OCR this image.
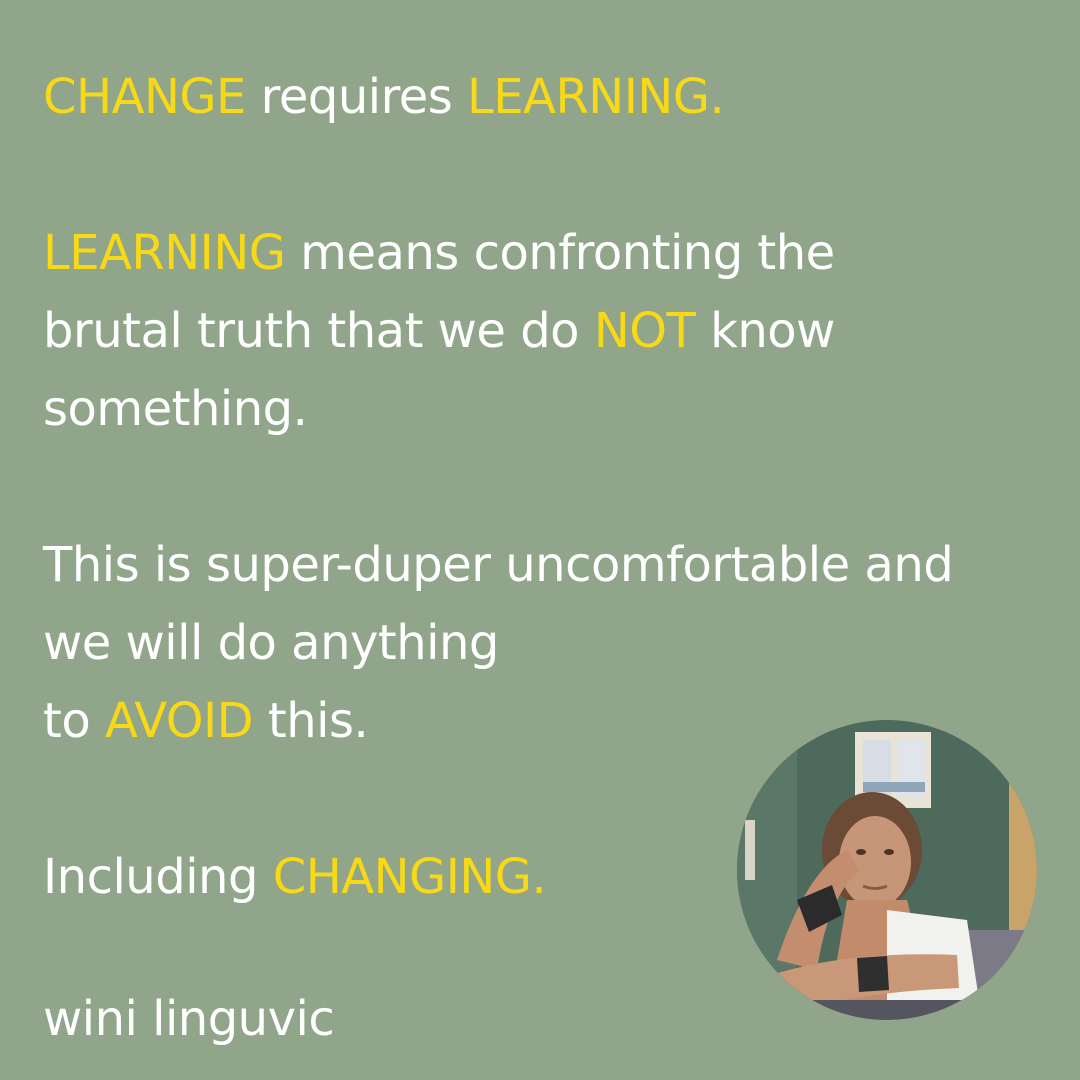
CHANGE requires LEARNING.

LEARNING means confronting the brutal truth that we do NOT know something.

This is super-duper uncomfortable and we will do anything
to AVOID this.

Including CHANGING.

wini linguvic
